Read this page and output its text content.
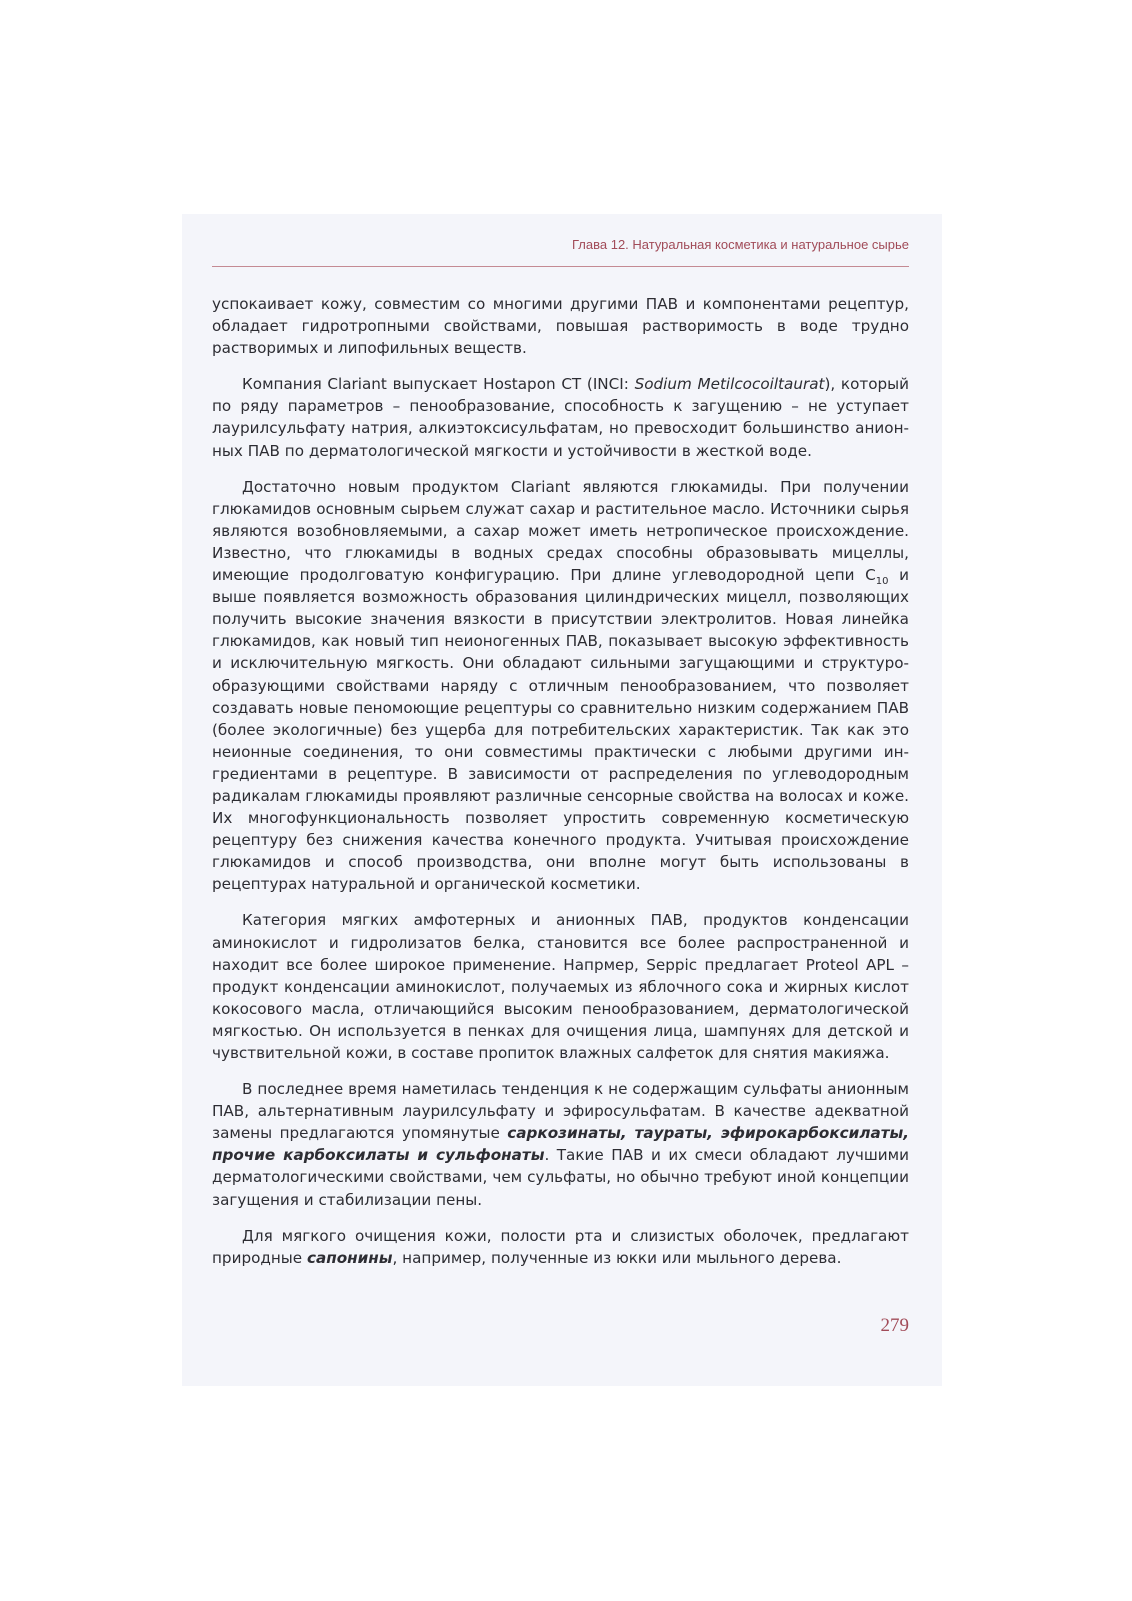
Глава 12. Натуральная косметика и натуральное сырье

успокаивает кожу, совместим со многими другими ПАВ и компонентами рецептур, обладает гидротропными свойствами, повышая растворимость в воде трудно растворимых и липофильных веществ.

Компания Clariant выпускает Hostapon CT (INCI: Sodium Metilcocoiltaurat), который по ряду параметров – пенообразование, способность к загущению – не уступает лаурилсульфату натрия, алкиэтоксисульфатам, но превосходит большинство анионных ПАВ по дерматологической мягкости и устойчивости в жесткой воде.

Достаточно новым продуктом Clariant являются глюкамиды. При получении глюкамидов основным сырьем служат сахар и растительное масло. Источники сырья являются возобновляемыми, а сахар может иметь нетропическое происхождение. Известно, что глюкамиды в водных средах способны образовывать мицеллы, имеющие продолговатую конфигурацию. При длине углеводородной цепи $C_{10}$ и выше появляется возможность образования цилиндрических мицелл, позволяющих получить высокие значения вязкости в присутствии электролитов. Новая линейка глюкамидов, как новый тип неионогенных ПАВ, показывает высокую эффективность и исключительную мягкость. Они обладают сильными загущающими и структурообразующими свойствами наряду с отличным пенообразованием, что позволяет создавать новые пеномоющие рецептуры со сравнительно низким содержанием ПАВ (более экологичные) без ущерба для потребительских характеристик. Так как это неионные соединения, то они совместимы практически с любыми другими ингредиентами в рецептуре. В зависимости от распределения по углеводородным радикалам глюкамиды проявляют различные сенсорные свойства на волосах и коже. Их многофункциональность позволяет упростить современную косметическую рецептуру без снижения качества конечного продукта. Учитывая происхождение глюкамидов и способ производства, они вполне могут быть использованы в рецептурах натуральной и органической косметики.

Категория мягких амфотерных и анионных ПАВ, продуктов конденсации аминокислот и гидролизатов белка, становится все более распространенной и находит все более широкое применение. Напрмер, Seppic предлагает Proteol APL – продукт конденсации аминокислот, получаемых из яблочного сока и жирных кислот кокосового масла, отличающийся высоким пенообразованием, дерматологической мягкостью. Он используется в пенках для очищения лица, шампунях для детской и чувствительной кожи, в составе пропиток влажных салфеток для снятия макияжа.

В последнее время наметилась тенденция к не содержащим сульфаты анионным ПАВ, альтернативным лаурилсульфату и эфиросульфатам. В качестве адекватной замены предлагаются упомянутые саркозинаты, таураты, эфирокарбоксилаты, прочие карбоксилаты и сульфонаты. Такие ПАВ и их смеси обладают лучшими дерматологическими свойствами, чем сульфаты, но обычно требуют иной концепции загущения и стабилизации пены.

Для мягкого очищения кожи, полости рта и слизистых оболочек, предлагают природные сапонины, например, полученные из юкки или мыльного дерева.

279
